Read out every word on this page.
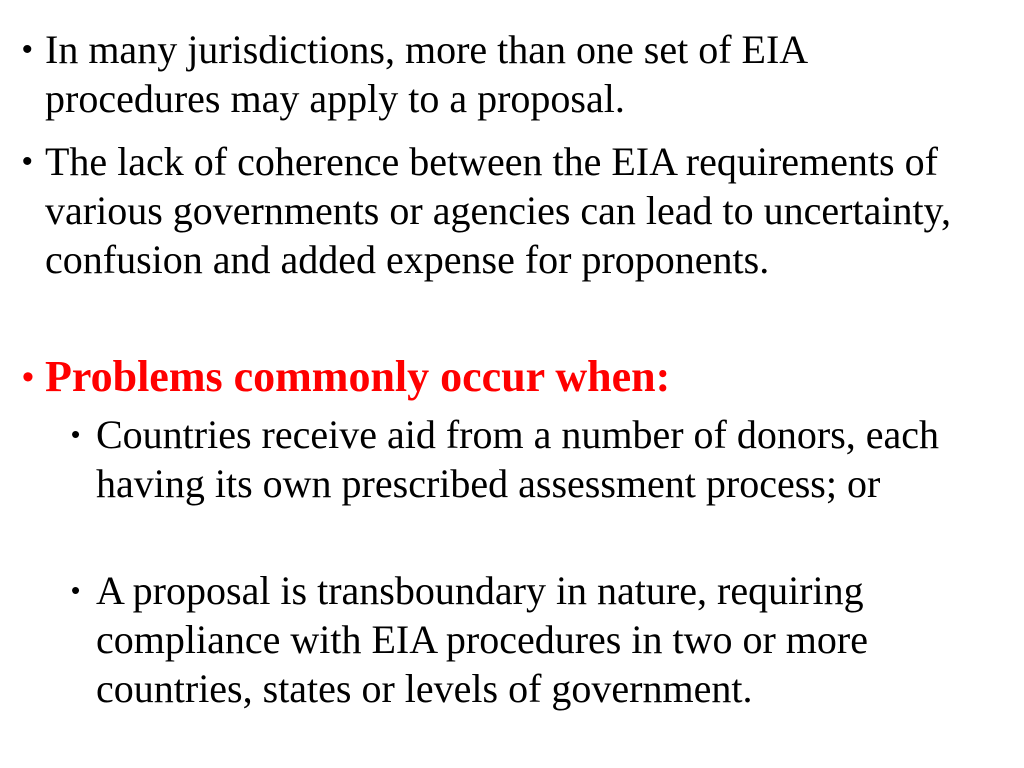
• In many jurisdictions, more than one set of EIA procedures may apply to a proposal.
• The lack of coherence between the EIA requirements of various governments or agencies can lead to uncertainty, confusion and added expense for proponents.
• Problems commonly occur when:
• Countries receive aid from a number of donors, each having its own prescribed assessment process; or
• A proposal is transboundary in nature, requiring compliance with EIA procedures in two or more countries, states or levels of government.
